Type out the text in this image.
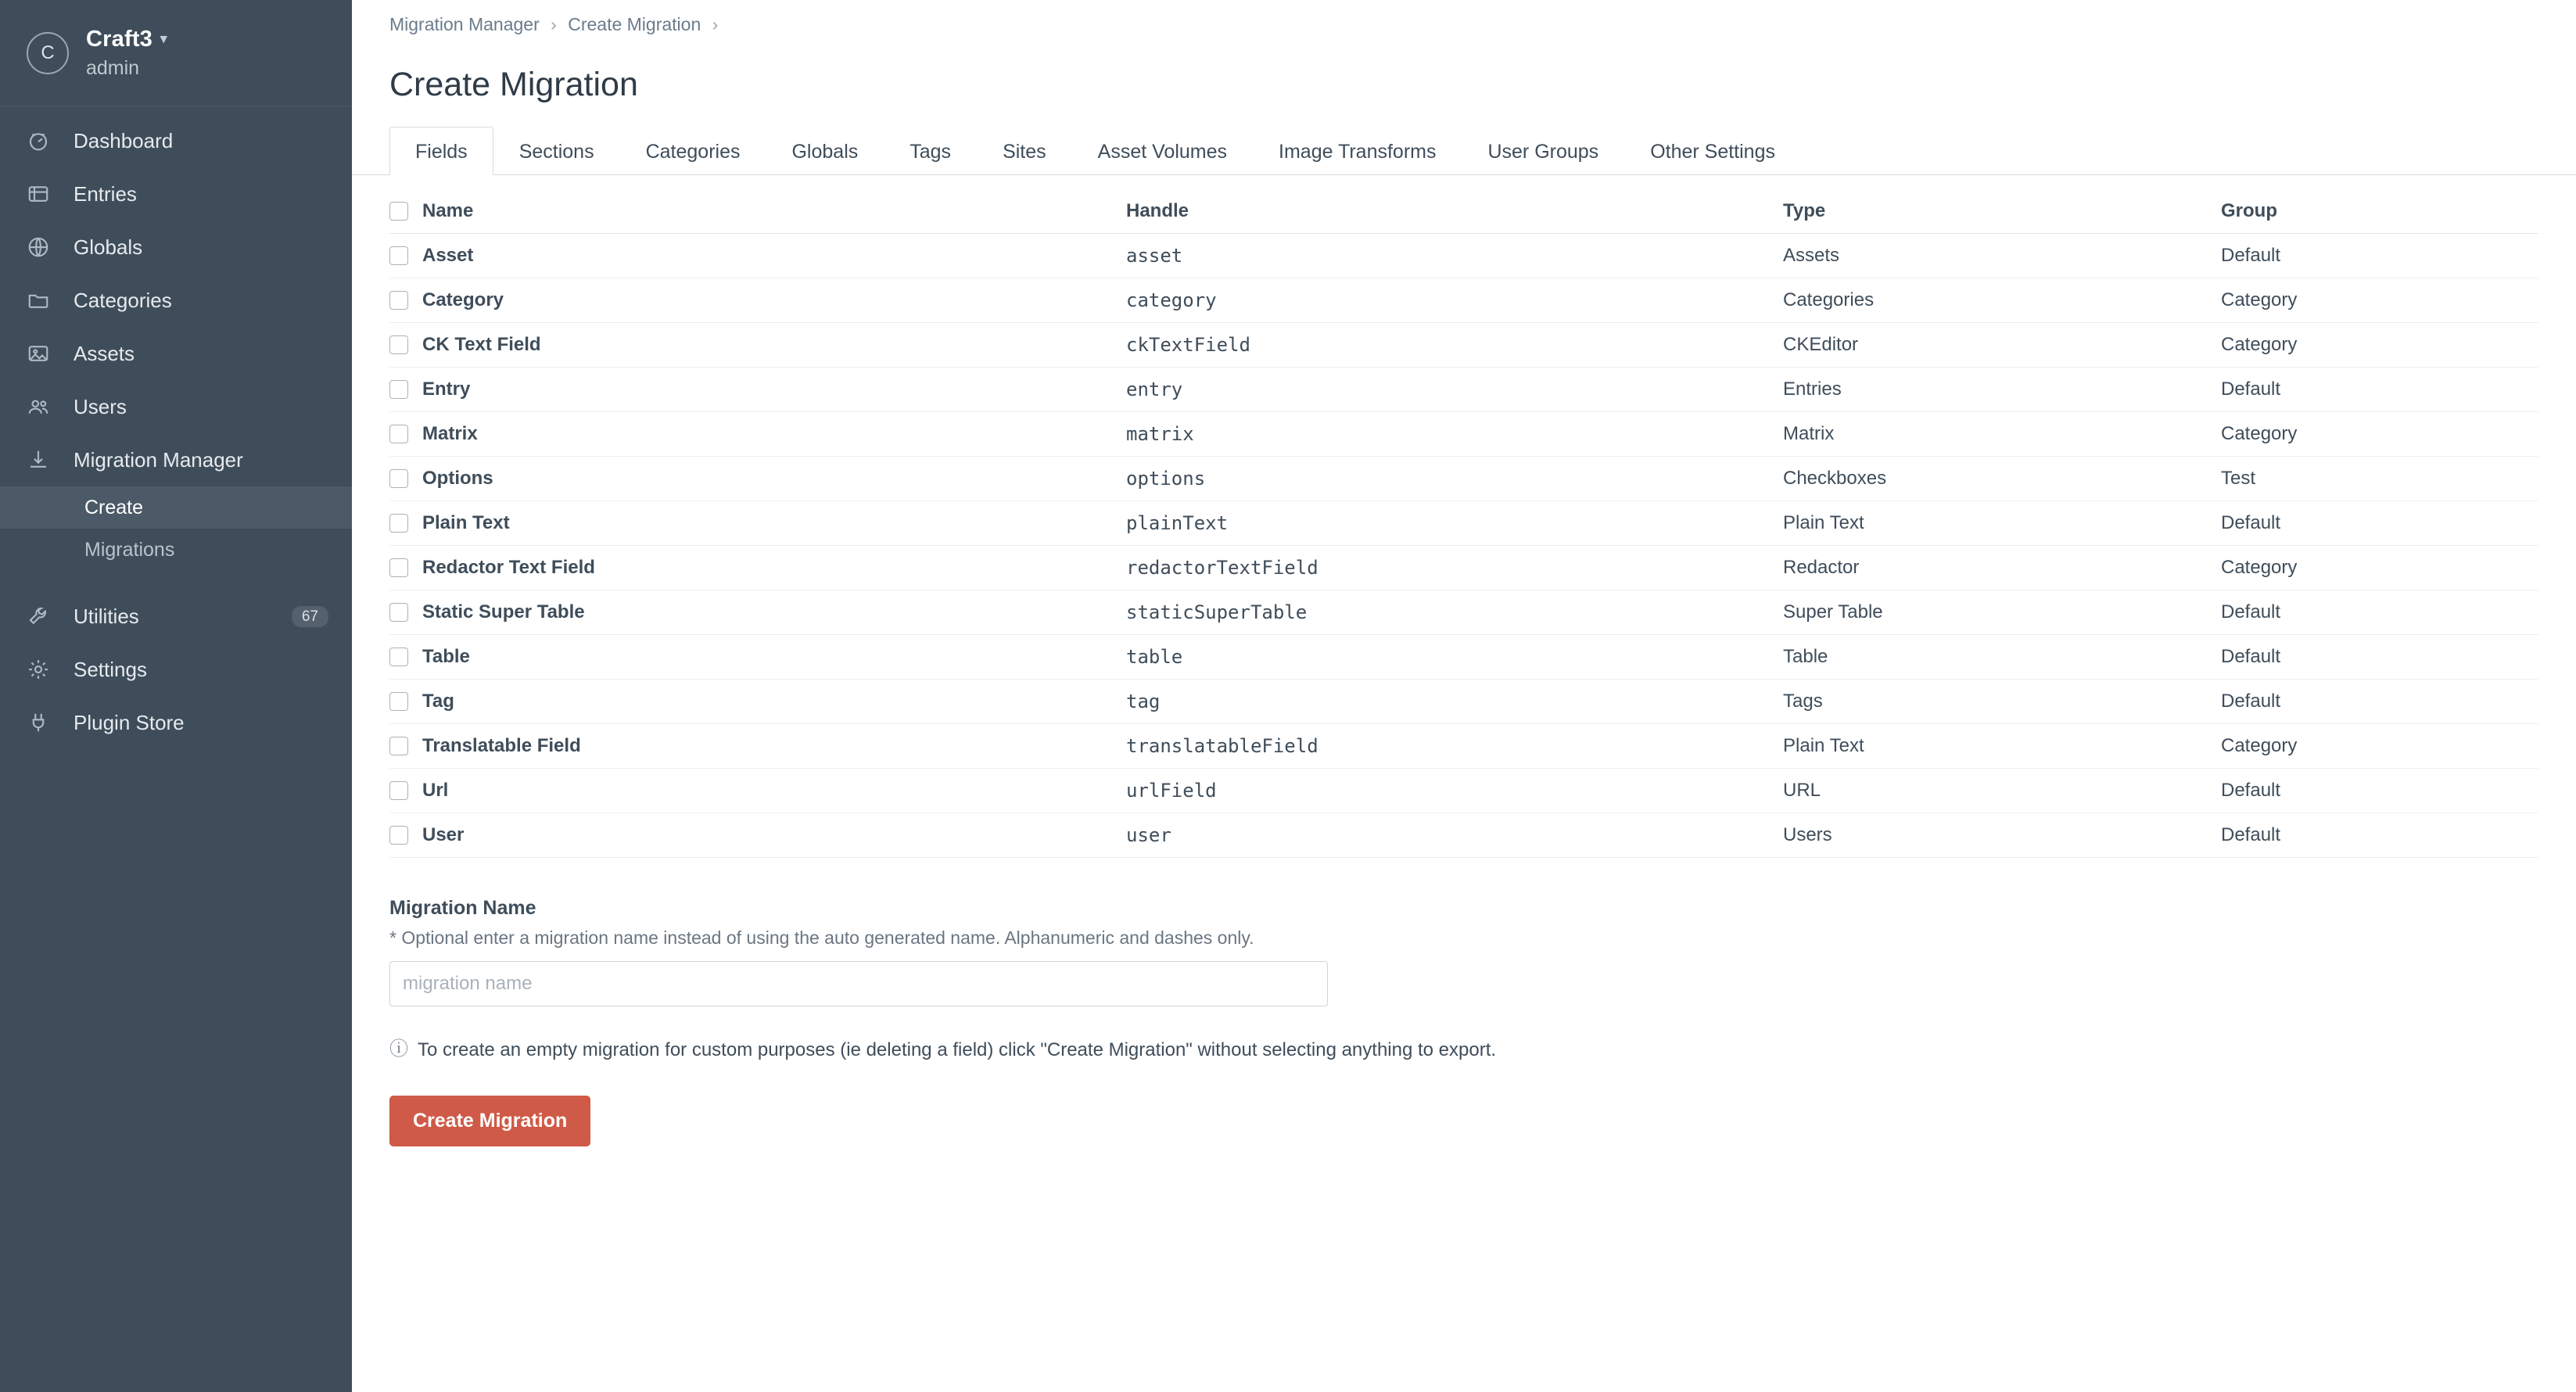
C
Craft3 ▾
admin
Dashboard
Entries
Globals
Categories
Assets
Users
Migration Manager
Create
Migrations
Utilities	67
Settings
Plugin Store
Migration Manager › Create Migration ›
Create Migration
Fields	Sections	Categories	Globals	Tags	Sites	Asset Volumes	Image Transforms	User Groups	Other Settings
	Name	Handle	Type	Group
	Asset	asset	Assets	Default
	Category	category	Categories	Category
	CK Text Field	ckTextField	CKEditor	Category
	Entry	entry	Entries	Default
	Matrix	matrix	Matrix	Category
	Options	options	Checkboxes	Test
	Plain Text	plainText	Plain Text	Default
	Redactor Text Field	redactorTextField	Redactor	Category
	Static Super Table	staticSuperTable	Super Table	Default
	Table	table	Table	Default
	Tag	tag	Tags	Default
	Translatable Field	translatableField	Plain Text	Category
	Url	urlField	URL	Default
	User	user	Users	Default
Migration Name
* Optional enter a migration name instead of using the auto generated name. Alphanumeric and dashes only.
migration name
ⓘ To create an empty migration for custom purposes (ie deleting a field) click "Create Migration" without selecting anything to export.
Create Migration
